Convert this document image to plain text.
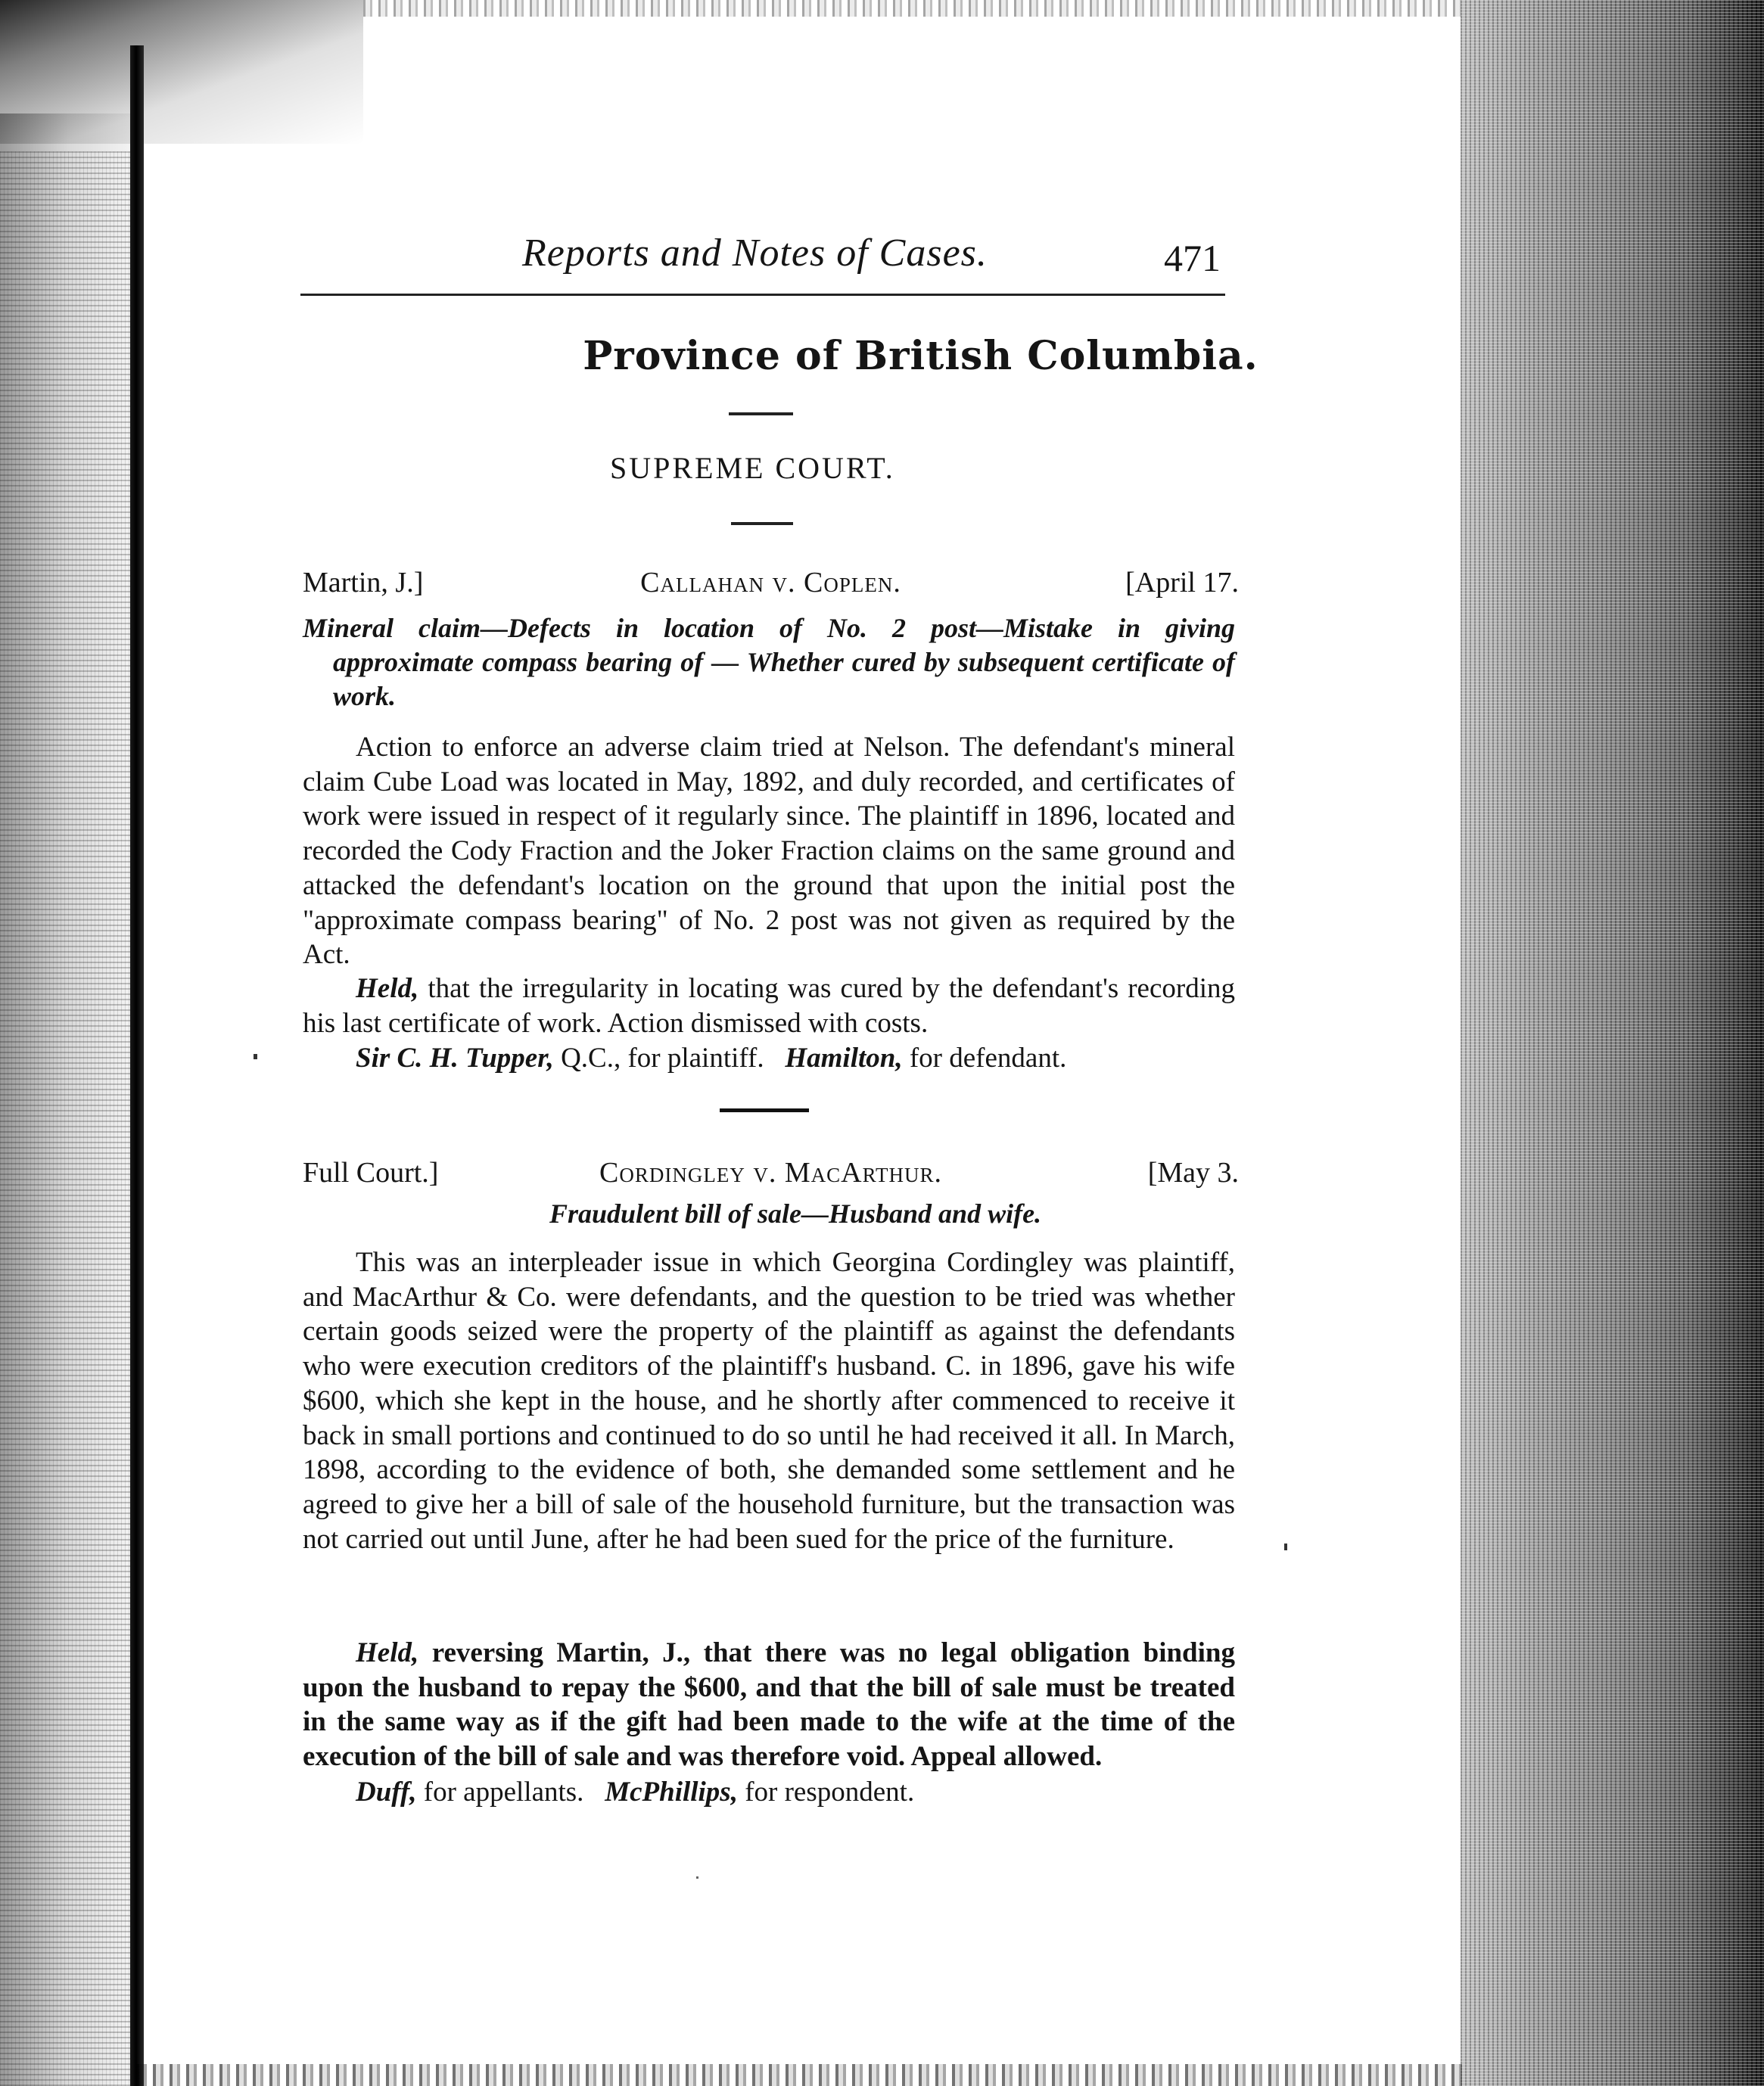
Reports and Notes of Cases.	471
Province of British Columbia.
SUPREME COURT.
Martin, J.]	Callahan v. Coplen.	[April 17.
Mineral claim—Defects in location of No. 2 post—Mistake in giving
approximate compass bearing of — Whether cured by subsequent certificate of work.

Action to enforce an adverse claim tried at Nelson. The defendant's mineral claim Cube Load was located in May, 1892, and duly recorded, and certificates of work were issued in respect of it regularly since. The plaintiff in 1896, located and recorded the Cody Fraction and the Joker Fraction claims on the same ground and attacked the defendant's location on the ground that upon the initial post the "approximate compass bearing" of No. 2 post was not given as required by the Act.

Held, that the irregularity in locating was cured by the defendant's recording his last certificate of work. Action dismissed with costs.

Sir C. H. Tupper, Q.C., for plaintiff. Hamilton, for defendant.

Full Court.]	Cordingley v. MacArthur.	[May 3.
Fraudulent bill of sale—Husband and wife.

This was an interpleader issue in which Georgina Cordingley was plaintiff, and MacArthur & Co. were defendants, and the question to be tried was whether certain goods seized were the property of the plaintiff as against the defendants who were execution creditors of the plaintiff's husband. C. in 1896, gave his wife $600, which she kept in the house, and he shortly after commenced to receive it back in small portions and continued to do so until he had received it all. In March, 1898, according to the evidence of both, she demanded some settlement and he agreed to give her a bill of sale of the household furniture, but the transaction was not carried out until June, after he had been sued for the price of the furniture.

Held, reversing Martin, J., that there was no legal obligation binding upon the husband to repay the $600, and that the bill of sale must be treated in the same way as if the gift had been made to the wife at the time of the execution of the bill of sale and was therefore void. Appeal allowed.

Duff, for appellants. McPhillips, for respondent.
